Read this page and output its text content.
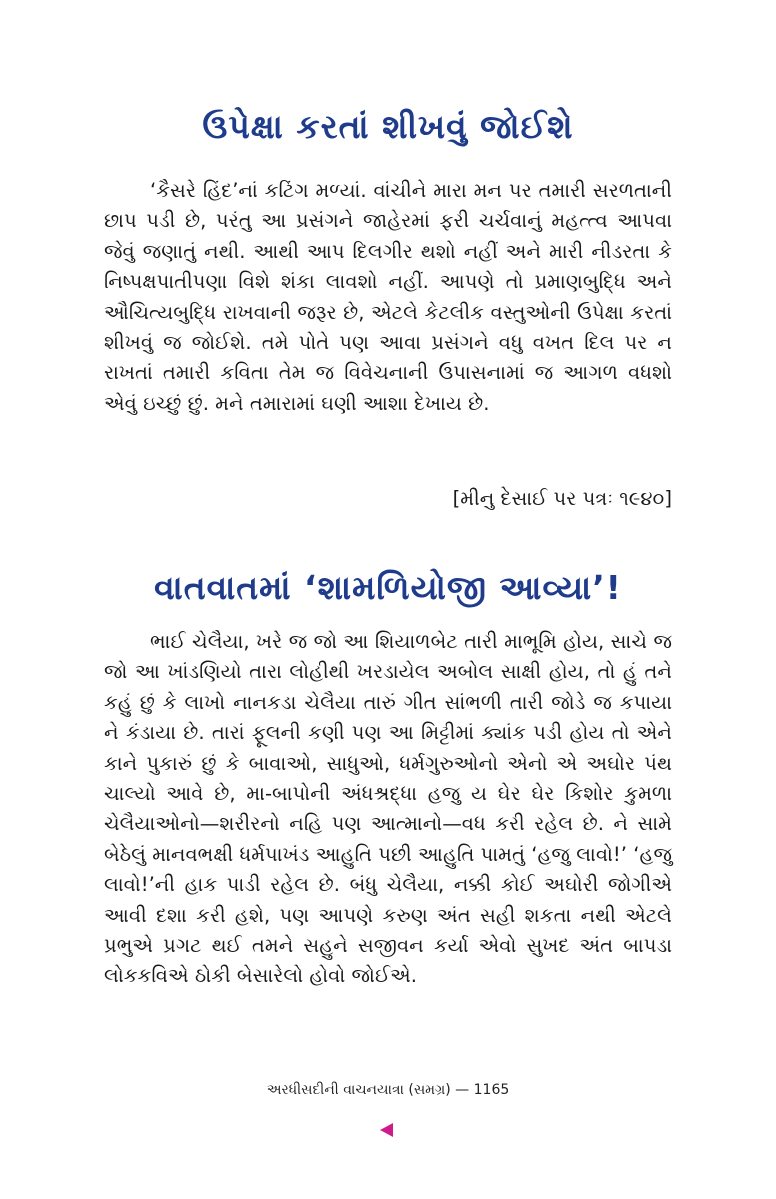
ઉપેક્ષા કરતાં શીખવું જોઈશે

‘કૈસરે હિંદ’નાં કટિંગ મળ્યાં. વાંચીને મારા મન પર તમારી સરળતાની છાપ પડી છે, પરંતુ આ પ્રસંગને જાહેરમાં ફરી ચર્ચવાનું મહત્ત્વ આપવા જેવું જણાતું નથી. આથી આપ દિલગીર થશો નહીં અને મારી નીડરતા કે નિષ્પક્ષપાતીપણા વિશે શંકા લાવશો નહીં. આપણે તો પ્રમાણબુદ્ધિ અને ઔચિત્યબુદ્ધિ રાખવાની જરૂર છે, એટલે કેટલીક વસ્તુઓની ઉપેક્ષા કરતાં શીખવું જ જોઈશે. તમે પોતે પણ આવા પ્રસંગને વધુ વખત દિલ પર ન રાખતાં તમારી કવિતા તેમ જ વિવેચનાની ઉપાસનામાં જ આગળ વધશો એવું ઇચ્છું છું. મને તમારામાં ઘણી આશા દેખાય છે.

[મીનુ દેસાઈ પર પત્રઃ ૧૯૪૦]

વાતવાતમાં ‘શામળિયોજી આવ્યા’!

ભાઈ ચેલૈયા, ખરે જ જો આ શિયાળબેટ તારી માભૂમિ હોય, સાચે જ જો આ ખાંડણિયો તારા લોહીથી ખરડાયેલ અબોલ સાક્ષી હોય, તો હું તને કહું છું કે લાખો નાનકડા ચેલૈયા તારું ગીત સાંભળી તારી જોડે જ કપાયા ને કંડાયા છે. તારાં ફૂલની કણી પણ આ મિટ્ટીમાં ક્યાંક પડી હોય તો એને કાને પુકારું છું કે બાવાઓ, સાધુઓ, ધર્મગુરુઓનો એનો એ અઘોર પંથ ચાલ્યો આવે છે, મા-બાપોની અંધશ્રદ્ધા હજુ ય ઘેર ઘેર કિશોર કુમળા ચેલૈયાઓનો—શરીરનો નહિ પણ આત્માનો—વધ કરી રહેલ છે. ને સામે બેઠેલું માનવભક્ષી ધર્મપાખંડ આહુતિ પછી આહુતિ પામતું ‘હજુ લાવો!’ ‘હજુ લાવો!’ની હાક પાડી રહેલ છે. બંધુ ચેલૈયા, નક્કી કોઈ અઘોરી જોગીએ આવી દશા કરી હશે, પણ આપણે કરુણ અંત સહી શકતા નથી એટલે પ્રભુએ પ્રગટ થઈ તમને સહુને સજીવન કર્યા એવો સુખદ અંત બાપડા લોકકવિએ ઠોકી બેસારેલો હોવો જોઈએ.

અરધીસદીની વાચનયાત્રા (સમગ્ર) — 1165
